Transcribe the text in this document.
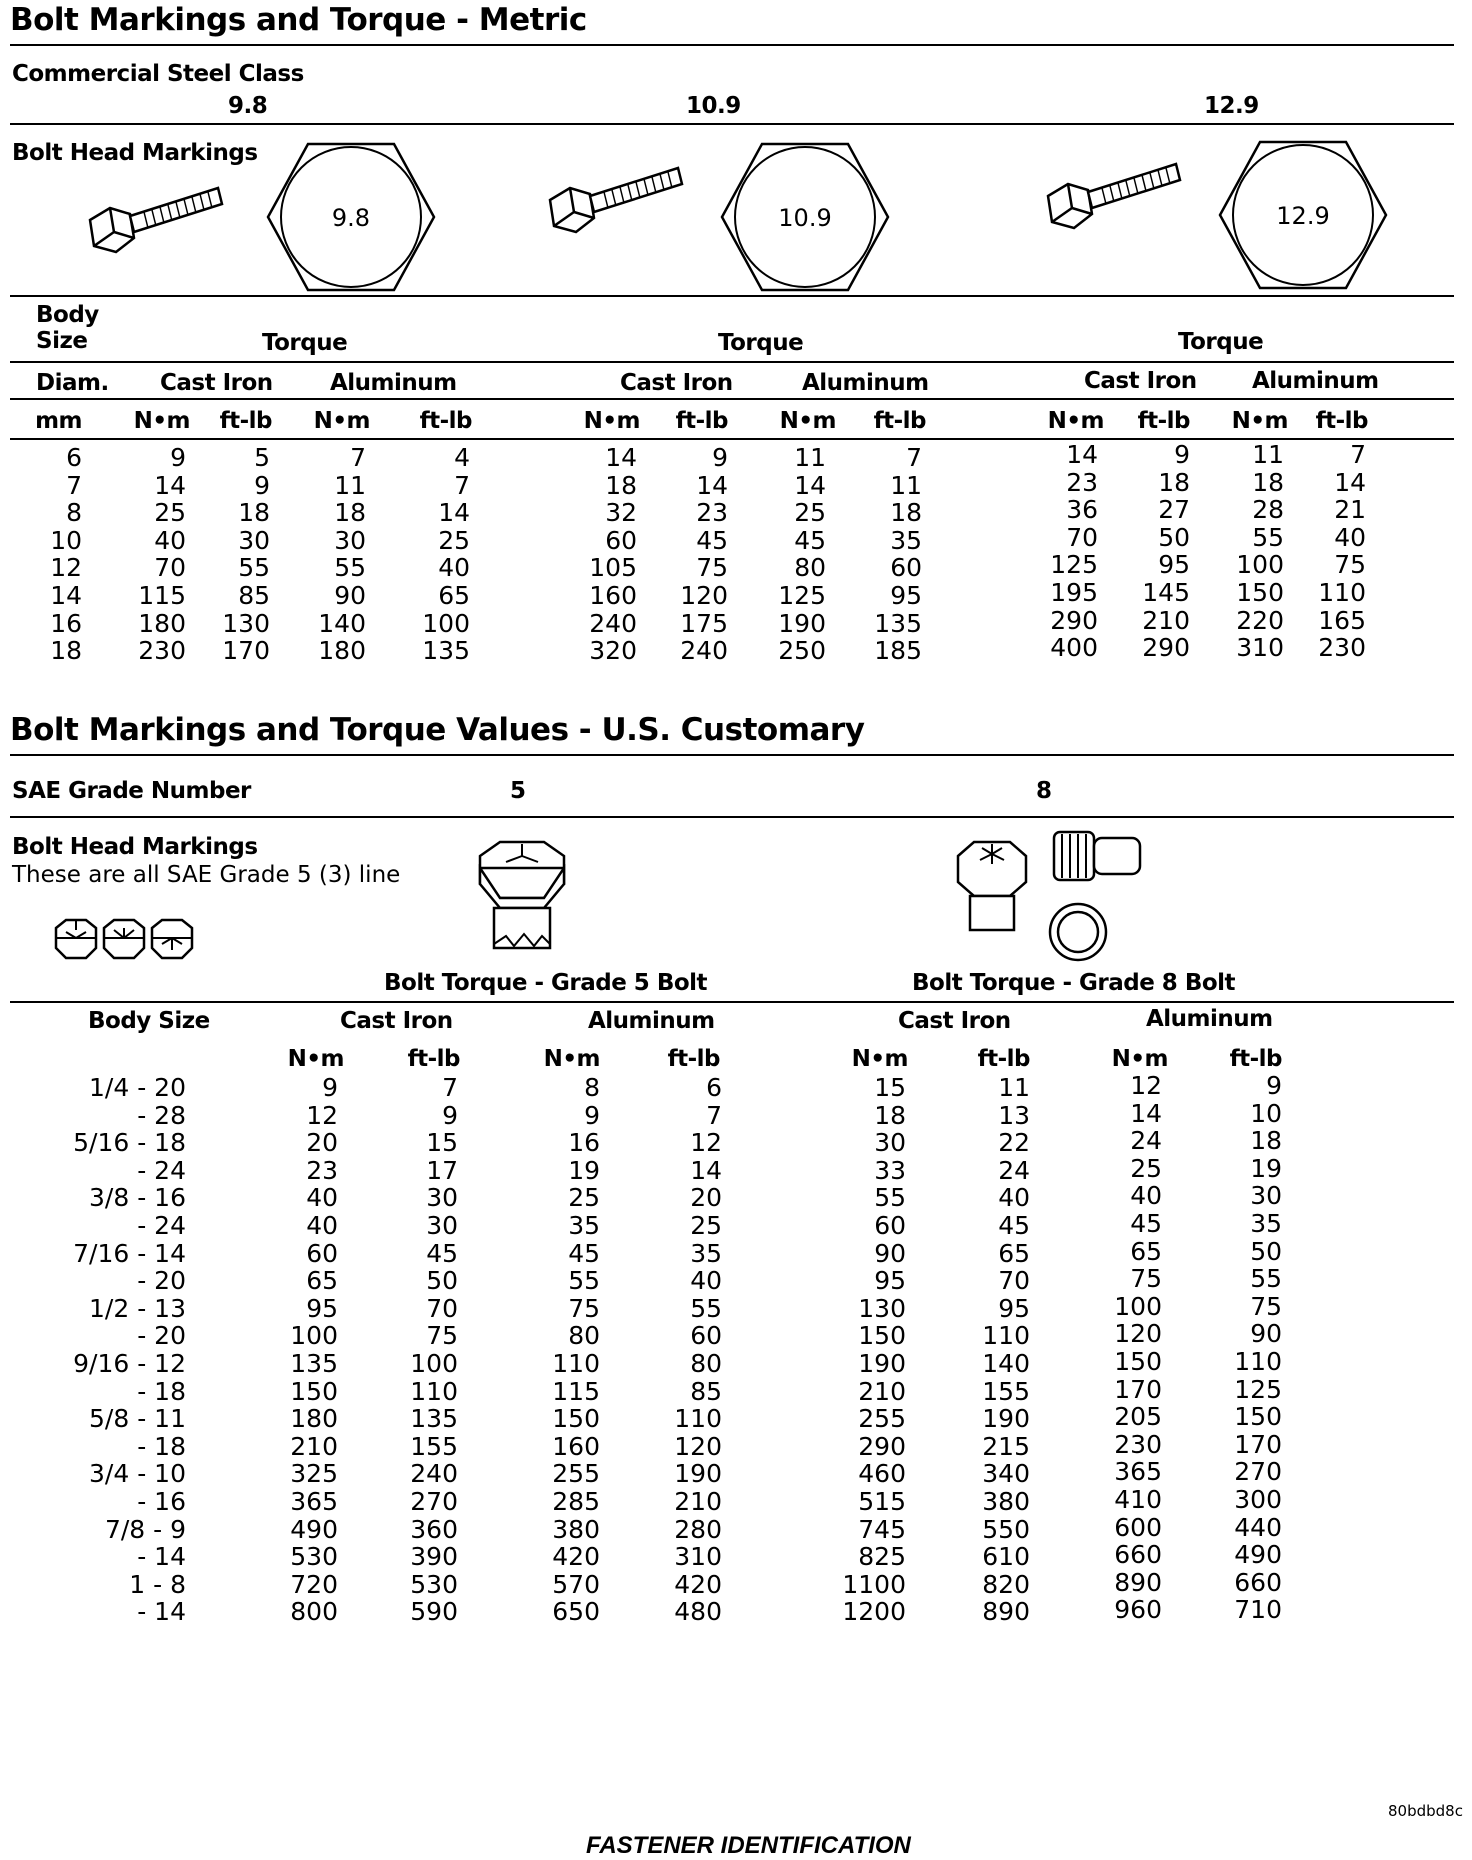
Bolt Markings and Torque - Metric
Commercial Steel Class
9.8	10.9	12.9
Bolt Head Markings
9.8	10.9	12.9
Body
Size	Torque	Torque	Torque
Diam. Cast Iron Aluminum	Cast Iron	Aluminum	Cast Iron Aluminum
mm N•m ft-lb N•m ft-lb	N•m ft-lb N•m ft-lb	N•m ft-lb N•m ft-lb
6	9	5	7	4	14	9	11	7	14	9 11	7
7	14	9	11	7	18 14	14	11	23 18 18 14
8	25 18	18	14	32 23	25	18	36 27 28 21
10	40 30	30	25	60 45	45	35	70 50 55 40
12	70 55	55	40	105 75	80	60	125 95 100 75
14 115 85	90	65	160 120 125	95	195 145 150 110
16 180 130 140 100	240 175 190 135	290 210 220 165
18 230 170 180 135	320 240 250 185	400 290 310 230
Bolt Markings and Torque Values - U.S. Customary
SAE Grade Number	5	8
Bolt Head Markings
These are all SAE Grade 5 (3) line
Bolt Torque - Grade 5 Bolt	Bolt Torque - Grade 8 Bolt
Body Size	Cast Iron	Aluminum	Cast Iron	Aluminum
N•m	ft-lb	N•m	ft-lb	N•m	ft-lb	N•m	ft-lb
1/4 - 20	9	7	8	6	15	11	12	9
- 28	12	9	9	7	18	13	14	10
5/16 - 18	20	15	16	12	30	22	24	18
- 24	23	17	19	14	33	24	25	19
3/8 - 16	40	30	25	20	55	40	40	30
- 24	40	30	35	25	60	45	45	35
7/16 - 14	60	45	45	35	90	65	65	50
- 20	65	50	55	40	95	70	75	55
1/2 - 13	95	70	75	55	130	95	100	75
- 20	100	75	80	60	150	110	120	90
9/16 - 12	135	100	110	80	190	140	150	110
- 18	150	110	115	85	210	155	170	125
5/8 - 11	180	135	150	110	255	190	205	150
- 18	210	155	160	120	290	215	230	170
3/4 - 10	325	240	255	190	460	340	365	270
- 16	365	270	285	210	515	380	410	300
7/8 - 9	490	360	380	280	745	550	600	440
- 14	530	390	420	310	825	610	660	490
1 - 8	720	530	570	420	1100	820	890	660
- 14	800	590	650	480	1200	890	960	710
80bdbd8c
FASTENER IDENTIFICATION
